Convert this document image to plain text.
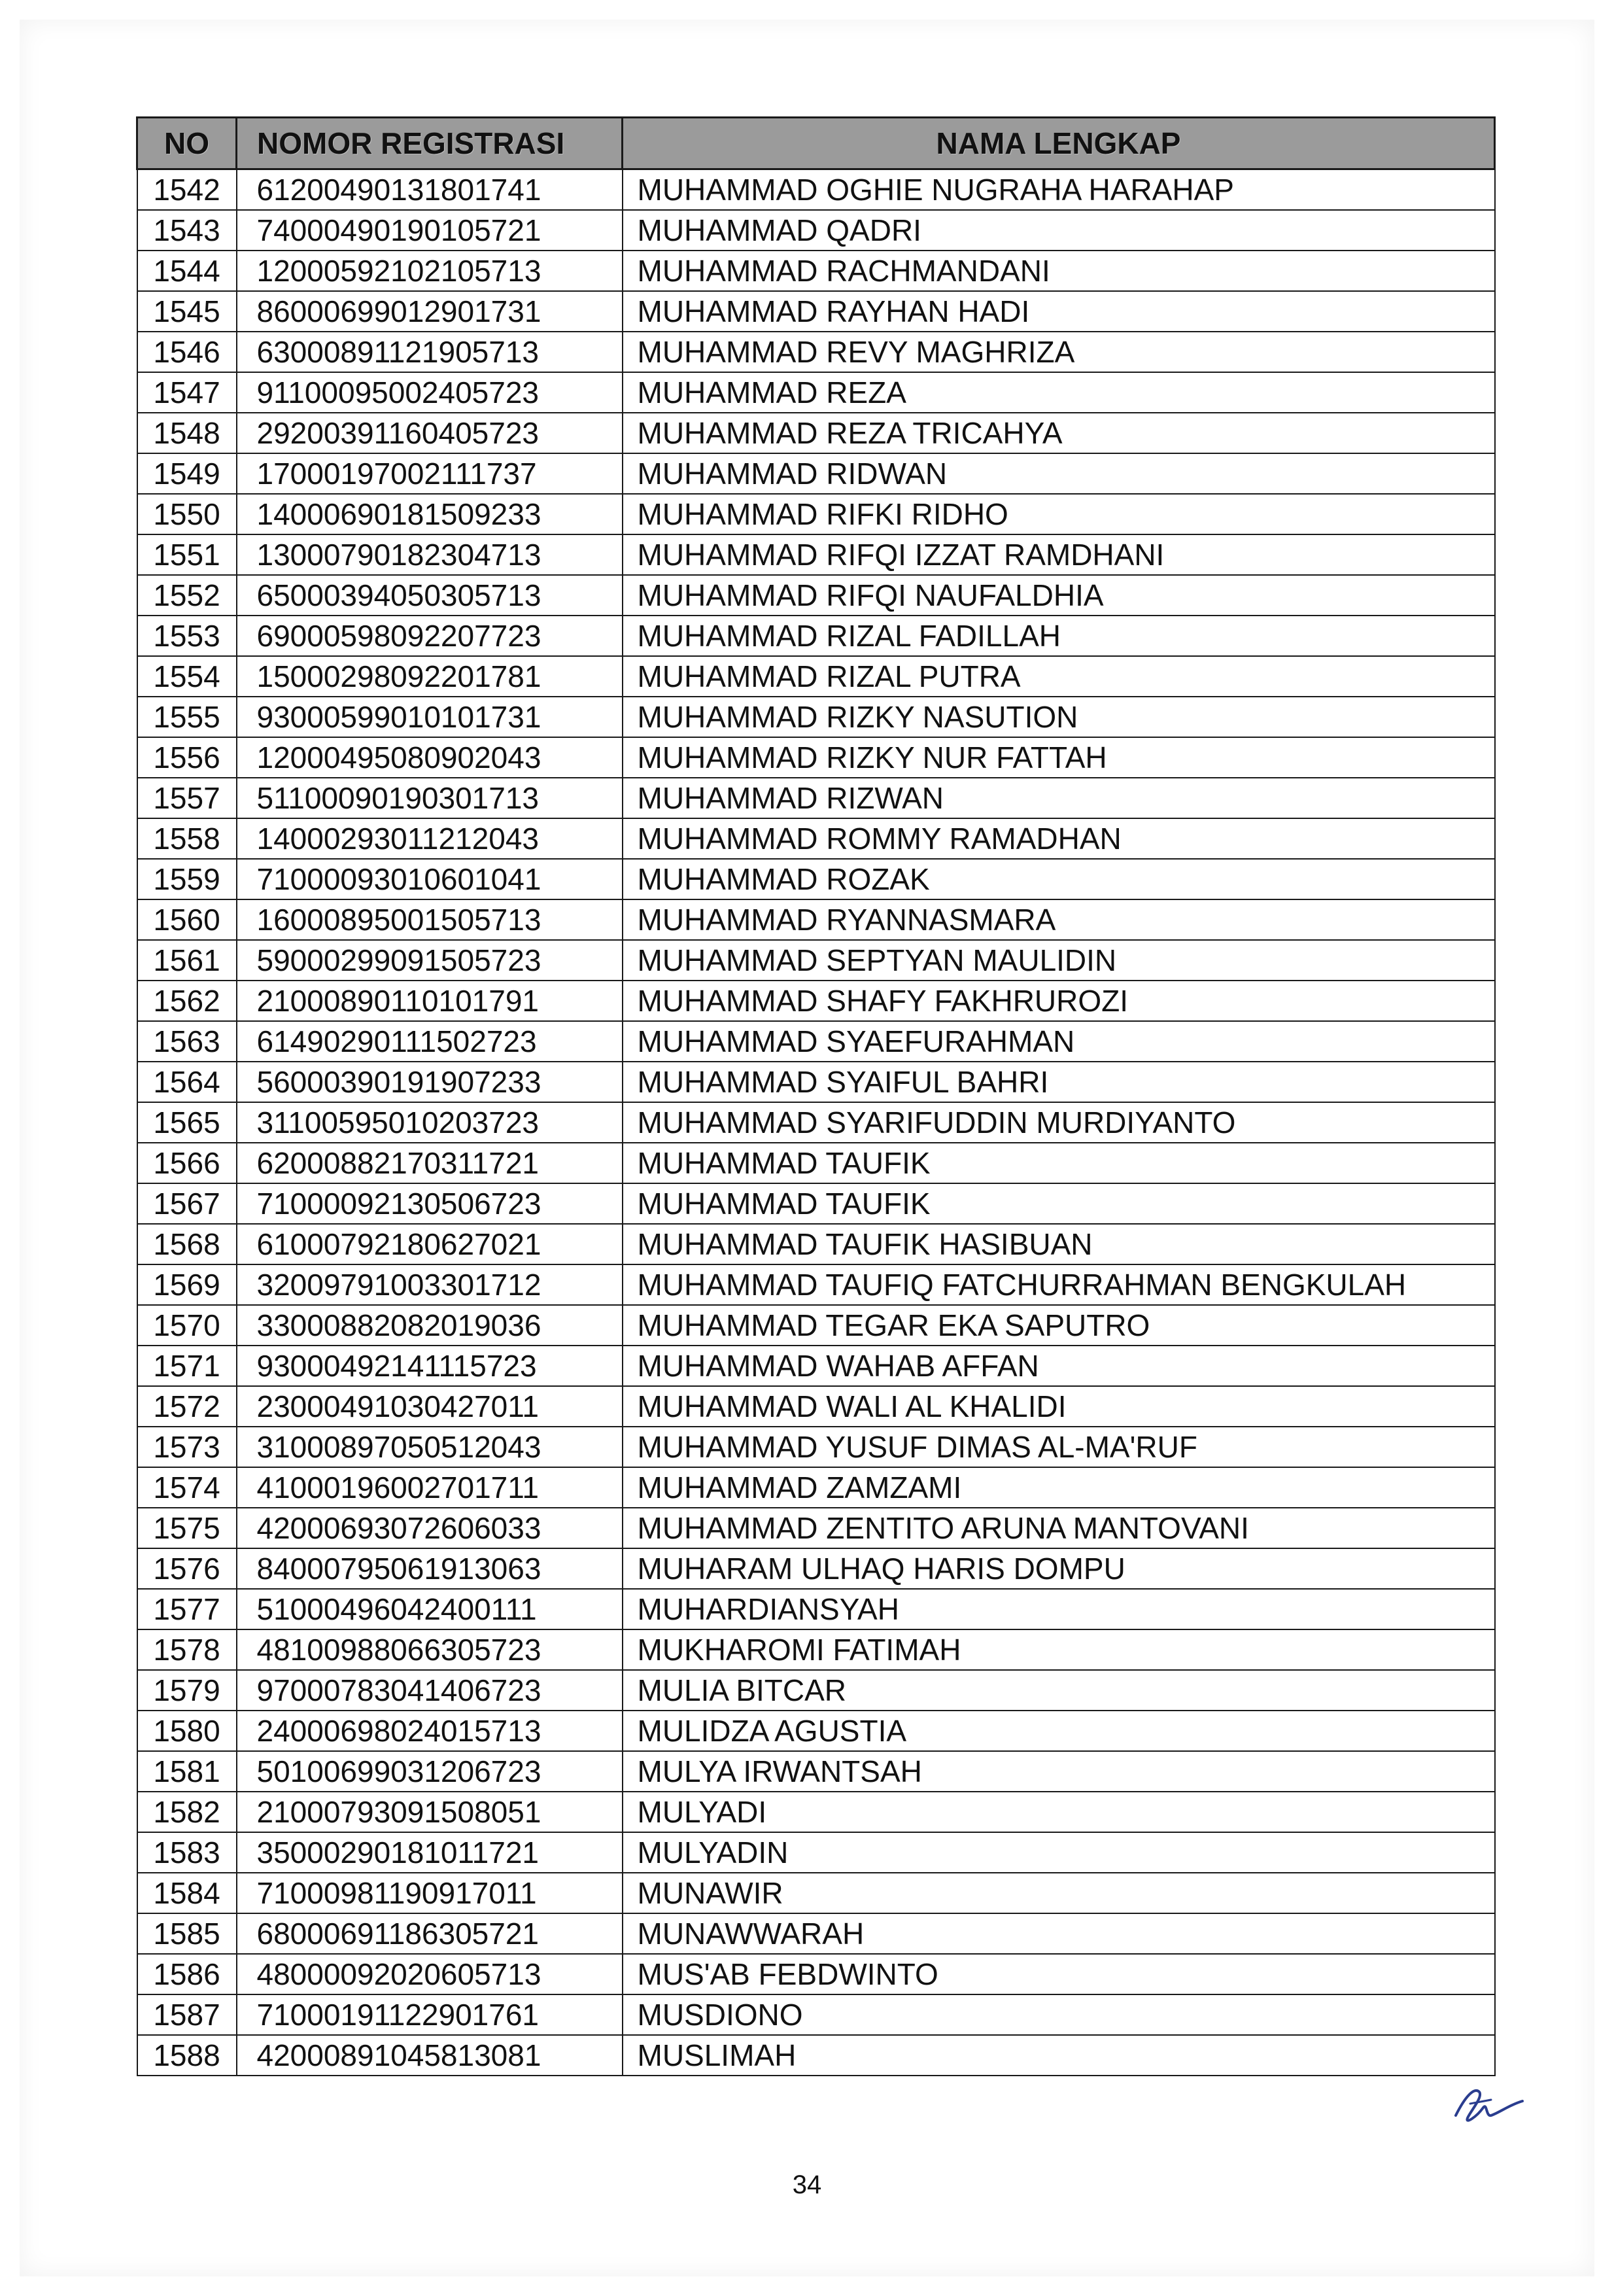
NO	NOMOR REGISTRASI	NAMA LENGKAP
1542	61200490131801741	MUHAMMAD OGHIE NUGRAHA HARAHAP
1543	74000490190105721	MUHAMMAD QADRI
1544	12000592102105713	MUHAMMAD RACHMANDANI
1545	86000699012901731	MUHAMMAD RAYHAN HADI
1546	63000891121905713	MUHAMMAD REVY MAGHRIZA
1547	91100095002405723	MUHAMMAD REZA
1548	29200391160405723	MUHAMMAD REZA TRICAHYA
1549	17000197002111737	MUHAMMAD RIDWAN
1550	14000690181509233	MUHAMMAD RIFKI RIDHO
1551	13000790182304713	MUHAMMAD RIFQI IZZAT RAMDHANI
1552	65000394050305713	MUHAMMAD RIFQI NAUFALDHIA
1553	69000598092207723	MUHAMMAD RIZAL FADILLAH
1554	15000298092201781	MUHAMMAD RIZAL PUTRA
1555	93000599010101731	MUHAMMAD RIZKY NASUTION
1556	12000495080902043	MUHAMMAD RIZKY NUR FATTAH
1557	51100090190301713	MUHAMMAD RIZWAN
1558	14000293011212043	MUHAMMAD ROMMY RAMADHAN
1559	71000093010601041	MUHAMMAD ROZAK
1560	16000895001505713	MUHAMMAD RYANNASMARA
1561	59000299091505723	MUHAMMAD SEPTYAN MAULIDIN
1562	21000890110101791	MUHAMMAD SHAFY FAKHRUROZI
1563	61490290111502723	MUHAMMAD SYAEFURAHMAN
1564	56000390191907233	MUHAMMAD SYAIFUL BAHRI
1565	31100595010203723	MUHAMMAD SYARIFUDDIN MURDIYANTO
1566	62000882170311721	MUHAMMAD TAUFIK
1567	71000092130506723	MUHAMMAD TAUFIK
1568	61000792180627021	MUHAMMAD TAUFIK HASIBUAN
1569	32009791003301712	MUHAMMAD TAUFIQ FATCHURRAHMAN BENGKULAH
1570	33000882082019036	MUHAMMAD TEGAR EKA SAPUTRO
1571	93000492141115723	MUHAMMAD WAHAB AFFAN
1572	23000491030427011	MUHAMMAD WALI AL KHALIDI
1573	31000897050512043	MUHAMMAD YUSUF DIMAS AL-MA'RUF
1574	41000196002701711	MUHAMMAD ZAMZAMI
1575	42000693072606033	MUHAMMAD ZENTITO ARUNA MANTOVANI
1576	84000795061913063	MUHARAM ULHAQ HARIS DOMPU
1577	51000496042400111	MUHARDIANSYAH
1578	48100988066305723	MUKHAROMI FATIMAH
1579	97000783041406723	MULIA BITCAR
1580	24000698024015713	MULIDZA AGUSTIA
1581	50100699031206723	MULYA IRWANTSAH
1582	21000793091508051	MULYADI
1583	35000290181011721	MULYADIN
1584	71000981190917011	MUNAWIR
1585	68000691186305721	MUNAWWARAH
1586	48000092020605713	MUS'AB FEBDWINTO
1587	71000191122901761	MUSDIONO
1588	42000891045813081	MUSLIMAH
34
